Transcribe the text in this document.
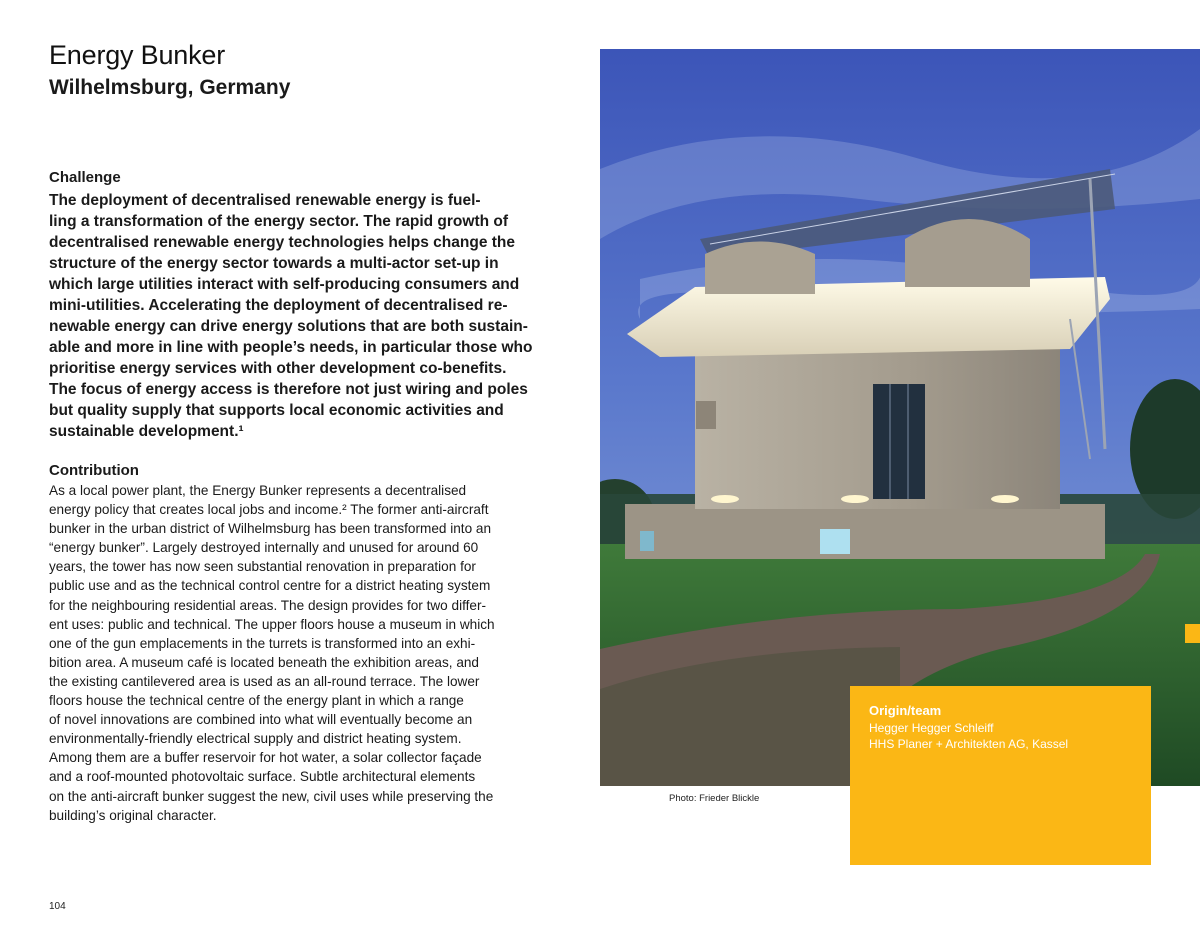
Energy Bunker
Wilhelmsburg, Germany
Challenge

The deployment of decentralised renewable energy is fuel-
ling a transformation of the energy sector. The rapid growth of
decentralised renewable energy technologies helps change the
structure of the energy sector towards a multi-actor set-up in
which large utilities interact with self-producing consumers and
mini-utilities. Accelerating the deployment of decentralised re-
newable energy can drive energy solutions that are both sustain-
able and more in line with people’s needs, in particular those who
prioritise energy services with other development co-benefits.
The focus of energy access is therefore not just wiring and poles
but quality supply that supports local economic activities and
sustainable development.¹

Contribution

As a local power plant, the Energy Bunker represents a decentralised
energy policy that creates local jobs and income.² The former anti-aircraft
bunker in the urban district of Wilhelmsburg has been transformed into an
“energy bunker”. Largely destroyed internally and unused for around 60
years, the tower has now seen substantial renovation in preparation for
public use and as the technical control centre for a district heating system
for the neighbouring residential areas. The design provides for two differ-
ent uses: public and technical. The upper floors house a museum in which
one of the gun emplacements in the turrets is transformed into an exhi-
bition area. A museum café is located beneath the exhibition areas, and
the existing cantilevered area is used as an all-round terrace. The lower
floors house the technical centre of the energy plant in which a range
of novel innovations are combined into what will eventually become an
environmentally-friendly electrical supply and district heating system.
Among them are a buffer reservoir for hot water, a solar collector façade
and a roof-mounted photovoltaic surface. Subtle architectural elements
on the anti-aircraft bunker suggest the new, civil uses while preserving the
building’s original character.

104
Photo: Frieder Blickle
Origin/team
Hegger Hegger Schleiff
HHS Planer + Architekten AG, Kassel
